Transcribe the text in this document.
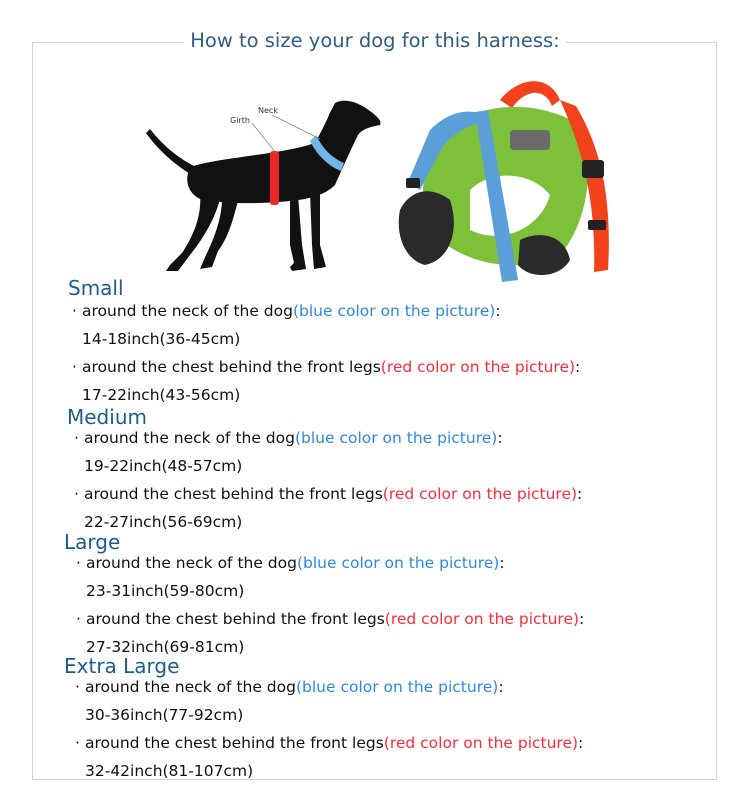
How to size your dog for this harness:
Girth
Neck
Small
· around the neck of the dog(blue color on the picture):
14-18inch(36-45cm)
· around the chest behind the front legs(red color on the picture):
17-22inch(43-56cm)
Medium
· around the neck of the dog(blue color on the picture):
19-22inch(48-57cm)
· around the chest behind the front legs(red color on the picture):
22-27inch(56-69cm)
Large
· around the neck of the dog(blue color on the picture):
23-31inch(59-80cm)
· around the chest behind the front legs(red color on the picture):
27-32inch(69-81cm)
Extra Large
· around the neck of the dog(blue color on the picture):
30-36inch(77-92cm)
· around the chest behind the front legs(red color on the picture):
32-42inch(81-107cm)
